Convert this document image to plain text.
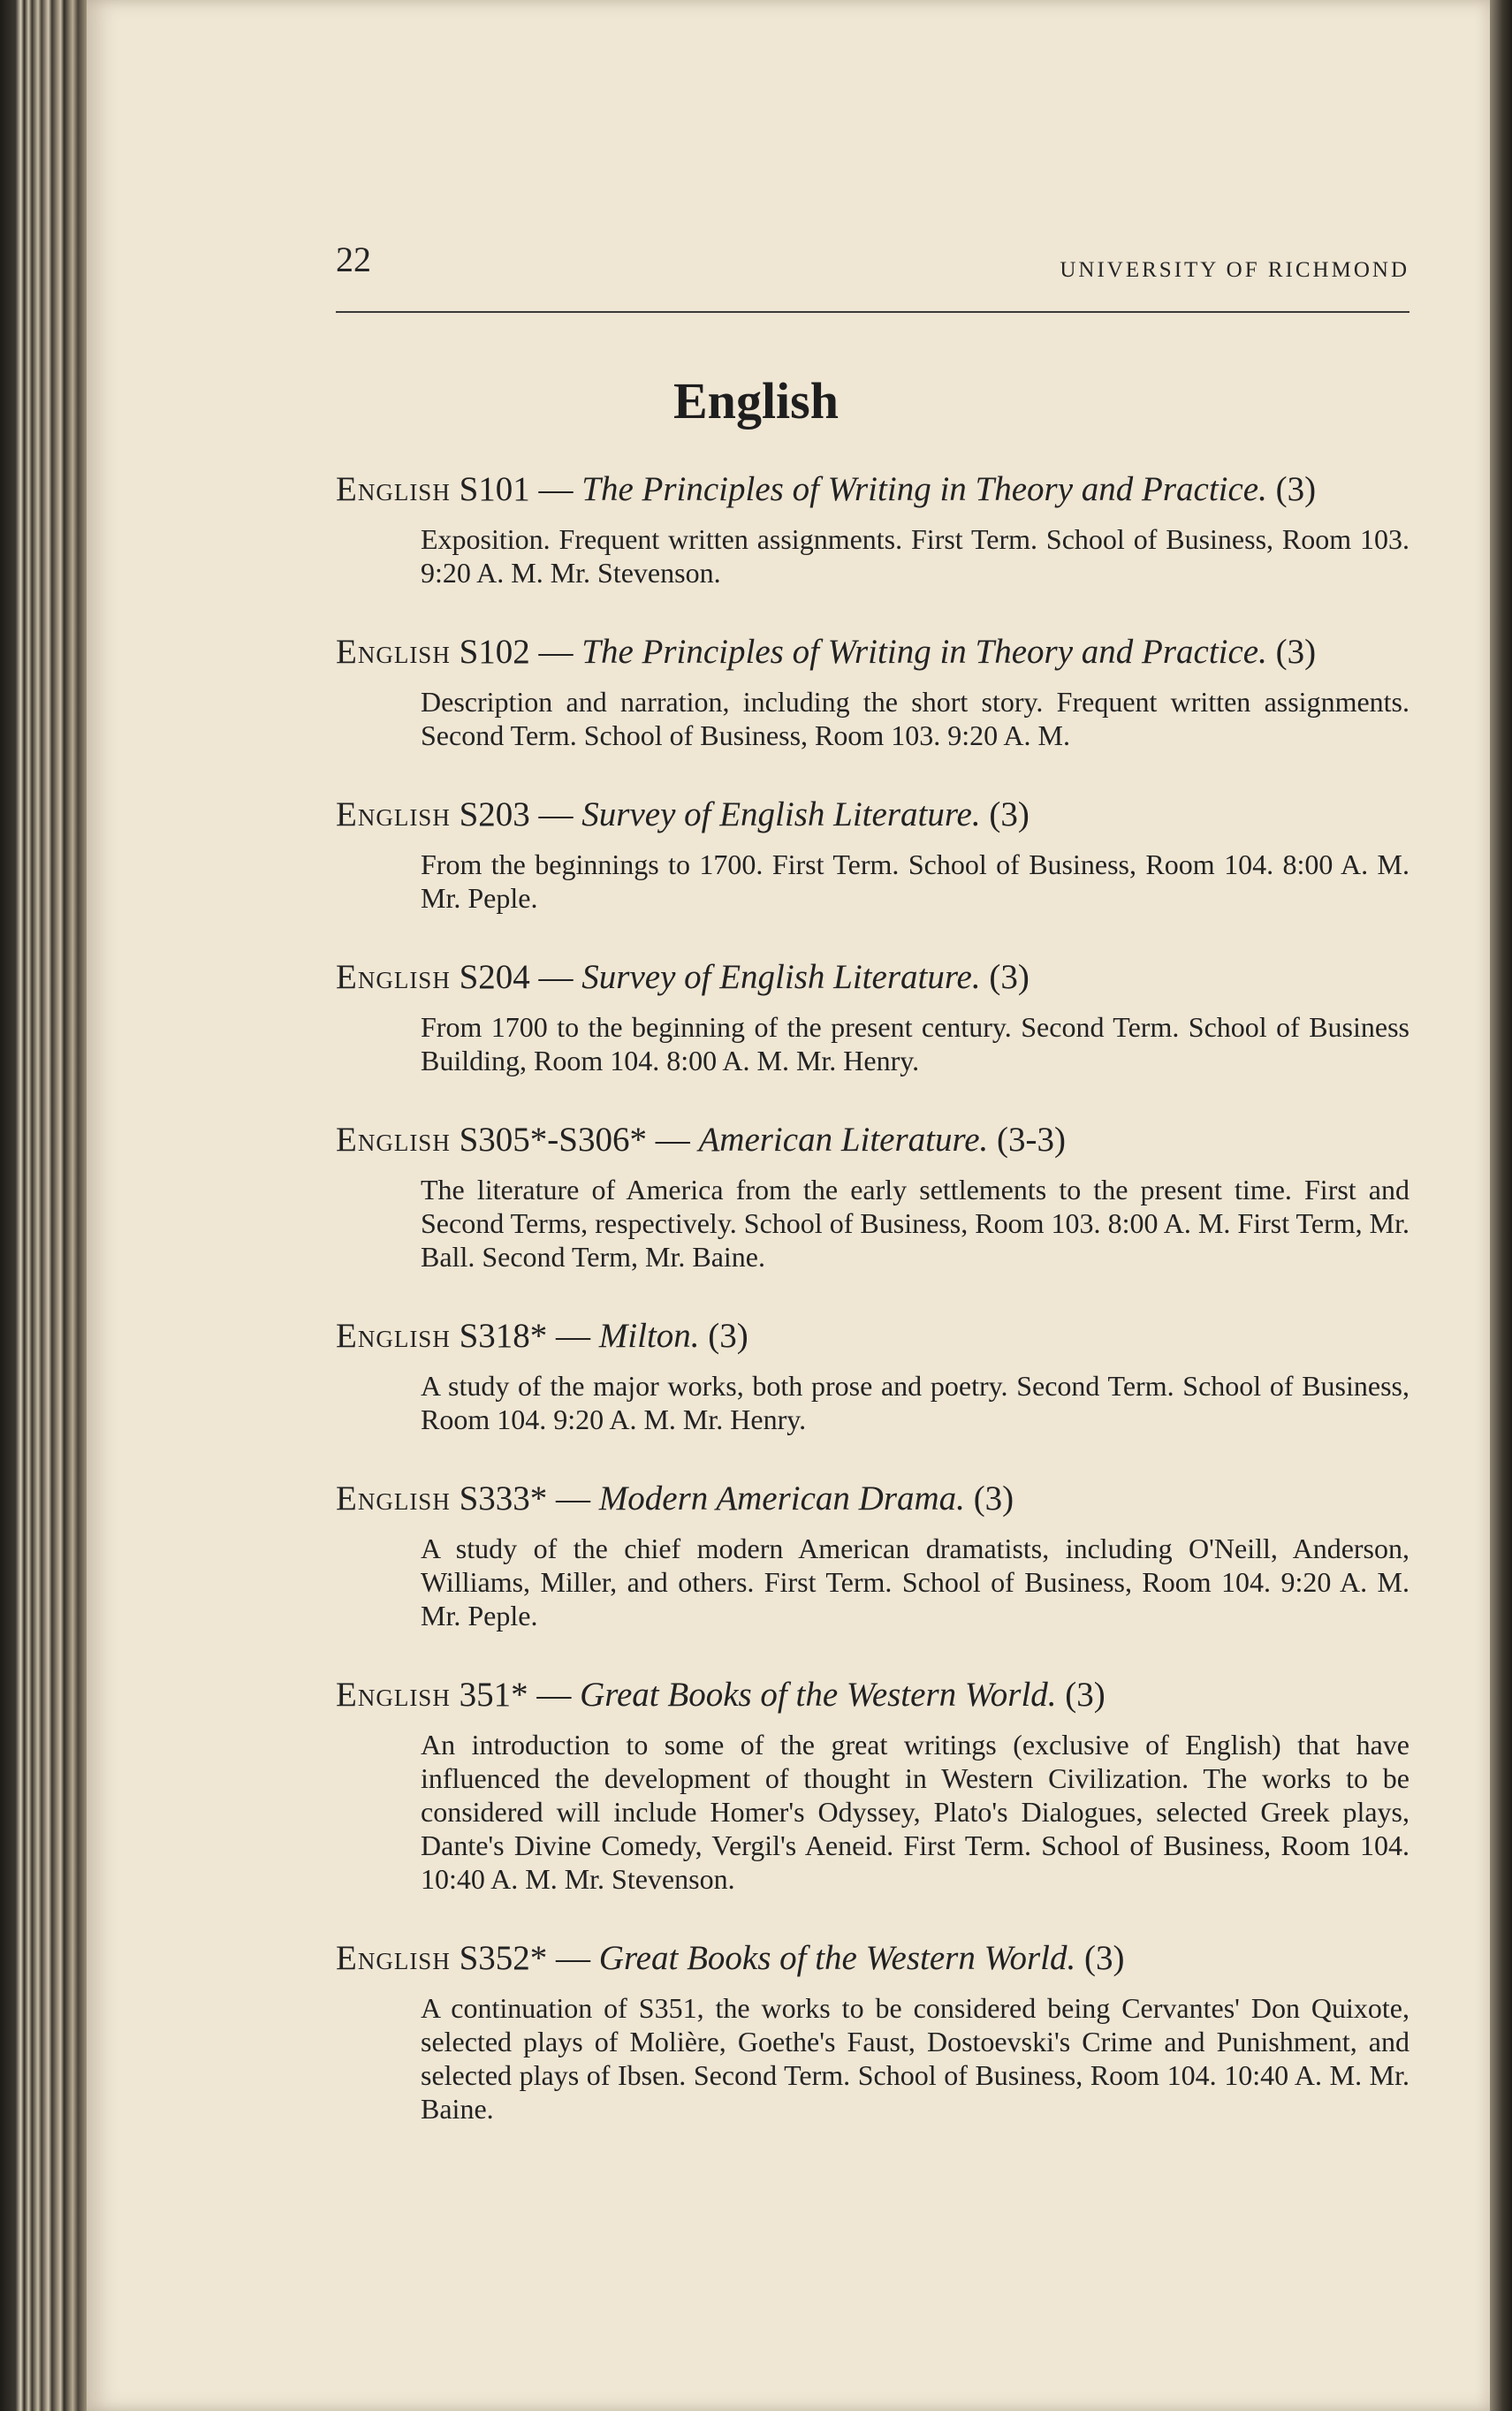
22	UNIVERSITY OF RICHMOND
English
English S101 — The Principles of Writing in Theory and Practice. (3)
Exposition. Frequent written assignments. First Term. School of Business, Room 103. 9:20 A. M. Mr. Stevenson.
English S102 — The Principles of Writing in Theory and Practice. (3)
Description and narration, including the short story. Frequent written assignments. Second Term. School of Business, Room 103. 9:20 A. M.
English S203 — Survey of English Literature. (3)
From the beginnings to 1700. First Term. School of Business, Room 104. 8:00 A. M. Mr. Peple.
English S204 — Survey of English Literature. (3)
From 1700 to the beginning of the present century. Second Term. School of Business Building, Room 104. 8:00 A. M. Mr. Henry.
English S305*-S306* — American Literature. (3-3)
The literature of America from the early settlements to the present time. First and Second Terms, respectively. School of Business, Room 103. 8:00 A. M. First Term, Mr. Ball. Second Term, Mr. Baine.
English S318* — Milton. (3)
A study of the major works, both prose and poetry. Second Term. School of Business, Room 104. 9:20 A. M. Mr. Henry.
English S333* — Modern American Drama. (3)
A study of the chief modern American dramatists, including O'Neill, Anderson, Williams, Miller, and others. First Term. School of Business, Room 104. 9:20 A. M. Mr. Peple.
English 351* — Great Books of the Western World. (3)
An introduction to some of the great writings (exclusive of English) that have influenced the development of thought in Western Civilization. The works to be considered will include Homer's Odyssey, Plato's Dialogues, selected Greek plays, Dante's Divine Comedy, Vergil's Aeneid. First Term. School of Business, Room 104. 10:40 A. M. Mr. Stevenson.
English S352* — Great Books of the Western World. (3)
A continuation of S351, the works to be considered being Cervantes' Don Quixote, selected plays of Molière, Goethe's Faust, Dostoevski's Crime and Punishment, and selected plays of Ibsen. Second Term. School of Business, Room 104. 10:40 A. M. Mr. Baine.
